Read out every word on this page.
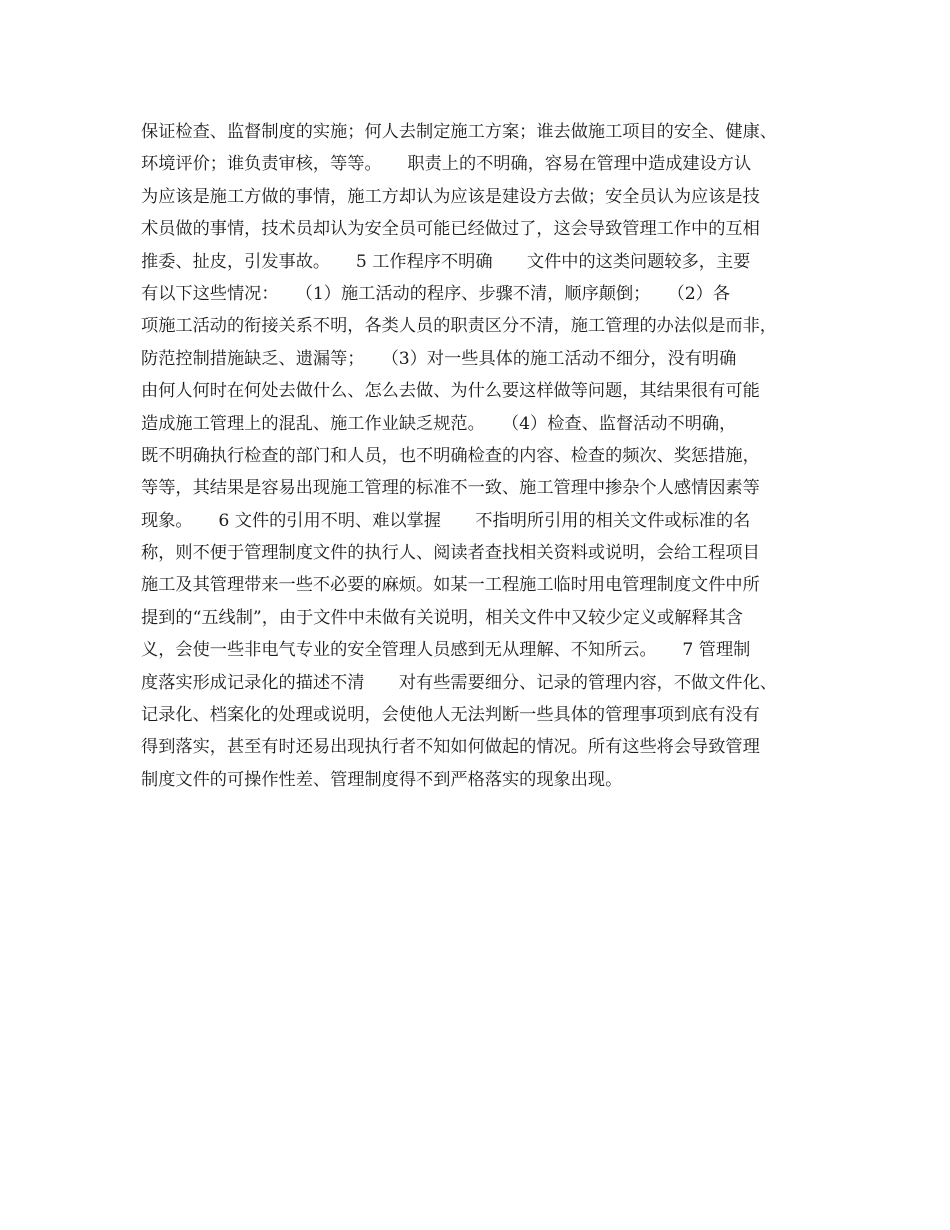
保证检查、监督制度的实施；何人去制定施工方案；谁去做施工项目的安全、健康、
环境评价；谁负责审核，等等。　　职责上的不明确，容易在管理中造成建设方认
为应该是施工方做的事情，施工方却认为应该是建设方去做；安全员认为应该是技
术员做的事情，技术员却认为安全员可能已经做过了，这会导致管理工作中的互相
推委、扯皮，引发事故。　　5 工作程序不明确　　文件中的这类问题较多，主要
有以下这些情况：　　（1）施工活动的程序、步骤不清，顺序颠倒；　　（2）各
项施工活动的衔接关系不明，各类人员的职责区分不清，施工管理的办法似是而非，
防范控制措施缺乏、遗漏等；　　（3）对一些具体的施工活动不细分，没有明确
由何人何时在何处去做什么、怎么去做、为什么要这样做等问题，其结果很有可能
造成施工管理上的混乱、施工作业缺乏规范。　　（4）检查、监督活动不明确，
既不明确执行检查的部门和人员，也不明确检查的内容、检查的频次、奖惩措施，
等等，其结果是容易出现施工管理的标准不一致、施工管理中掺杂个人感情因素等
现象。　　6 文件的引用不明、难以掌握　　不指明所引用的相关文件或标准的名
称，则不便于管理制度文件的执行人、阅读者查找相关资料或说明，会给工程项目
施工及其管理带来一些不必要的麻烦。如某一工程施工临时用电管理制度文件中所
提到的“五线制”，由于文件中未做有关说明，相关文件中又较少定义或解释其含
义，会使一些非电气专业的安全管理人员感到无从理解、不知所云。　　7 管理制
度落实形成记录化的描述不清　　对有些需要细分、记录的管理内容，不做文件化、
记录化、档案化的处理或说明，会使他人无法判断一些具体的管理事项到底有没有
得到落实，甚至有时还易出现执行者不知如何做起的情况。所有这些将会导致管理
制度文件的可操作性差、管理制度得不到严格落实的现象出现。
